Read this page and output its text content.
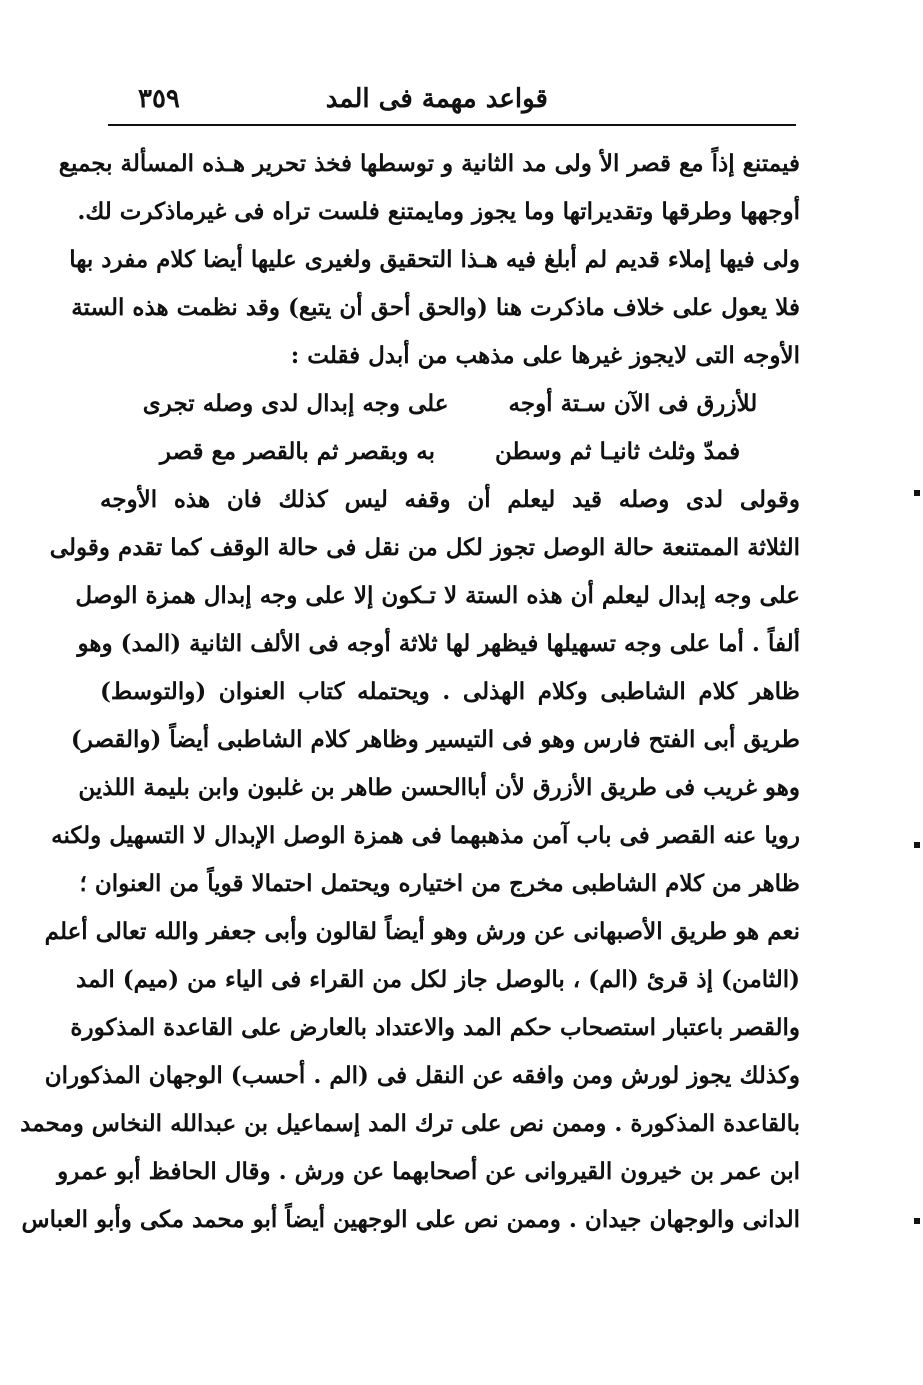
قواعد مهمة فى المد
٣٥٩
فيمتنع إذاً مع قصر الأ ولى مد الثانية و توسطها فخذ تحرير هـذه المسألة بجميع
أوجهها وطرقها وتقديراتها وما يجوز ومايمتنع فلست تراه فى غيرماذكرت لك.
ولى فيها إملاء قديم لم أبلغ فيه هـذا التحقيق ولغيرى عليها أيضا كلام مفرد بها
فلا يعول على خلاف ماذكرت هنا (والحق أحق أن يتبع) وقد نظمت هذه الستة
الأوجه التى لايجوز غيرها على مذهب من أبدل فقلت :
للأزرق فى الآن سـتة أوجه
على وجه إبدال لدى وصله تجرى
فمدّ وثلث ثانيـا ثم وسطن
به وبقصر ثم بالقصر مع قصر
وقولى لدى وصله قيد ليعلم أن وقفه ليس كذلك فان هذه الأوجه
الثلاثة الممتنعة حالة الوصل تجوز لكل من نقل فى حالة الوقف كما تقدم وقولى
على وجه إبدال ليعلم أن هذه الستة لا تـكون إلا على وجه إبدال همزة الوصل
ألفاً . أما على وجه تسهيلها فيظهر لها ثلاثة أوجه فى الألف الثانية (المد) وهو
ظاهر كلام الشاطبى وكلام الهذلى . ويحتمله كتاب العنوان (والتوسط)
طريق أبى الفتح فارس وهو فى التيسير وظاهر كلام الشاطبى أيضاً (والقصر)
وهو غريب فى طريق الأزرق لأن أباالحسن طاهر بن غلبون وابن بليمة اللذين
رويا عنه القصر فى باب آمن مذهبهما فى همزة الوصل الإبدال لا التسهيل ولكنه
ظاهر من كلام الشاطبى مخرج من اختياره ويحتمل احتمالا قوياً من العنوان ؛
نعم هو طريق الأصبهانى عن ورش وهو أيضاً لقالون وأبى جعفر والله تعالى أعلم
(الثامن) إذ قرئ (الم) ، بالوصل جاز لكل من القراء فى الياء من (ميم) المد
والقصر باعتبار استصحاب حكم المد والاعتداد بالعارض على القاعدة المذكورة
وكذلك يجوز لورش ومن وافقه عن النقل فى (الم . أحسب) الوجهان المذكوران
بالقاعدة المذكورة . وممن نص على ترك المد إسماعيل بن عبدالله النخاس ومحمد
ابن عمر بن خيرون القيروانى عن أصحابهما عن ورش . وقال الحافظ أبو عمرو
الدانى والوجهان جيدان . وممن نص على الوجهين أيضاً أبو محمد مكى وأبو العباس
